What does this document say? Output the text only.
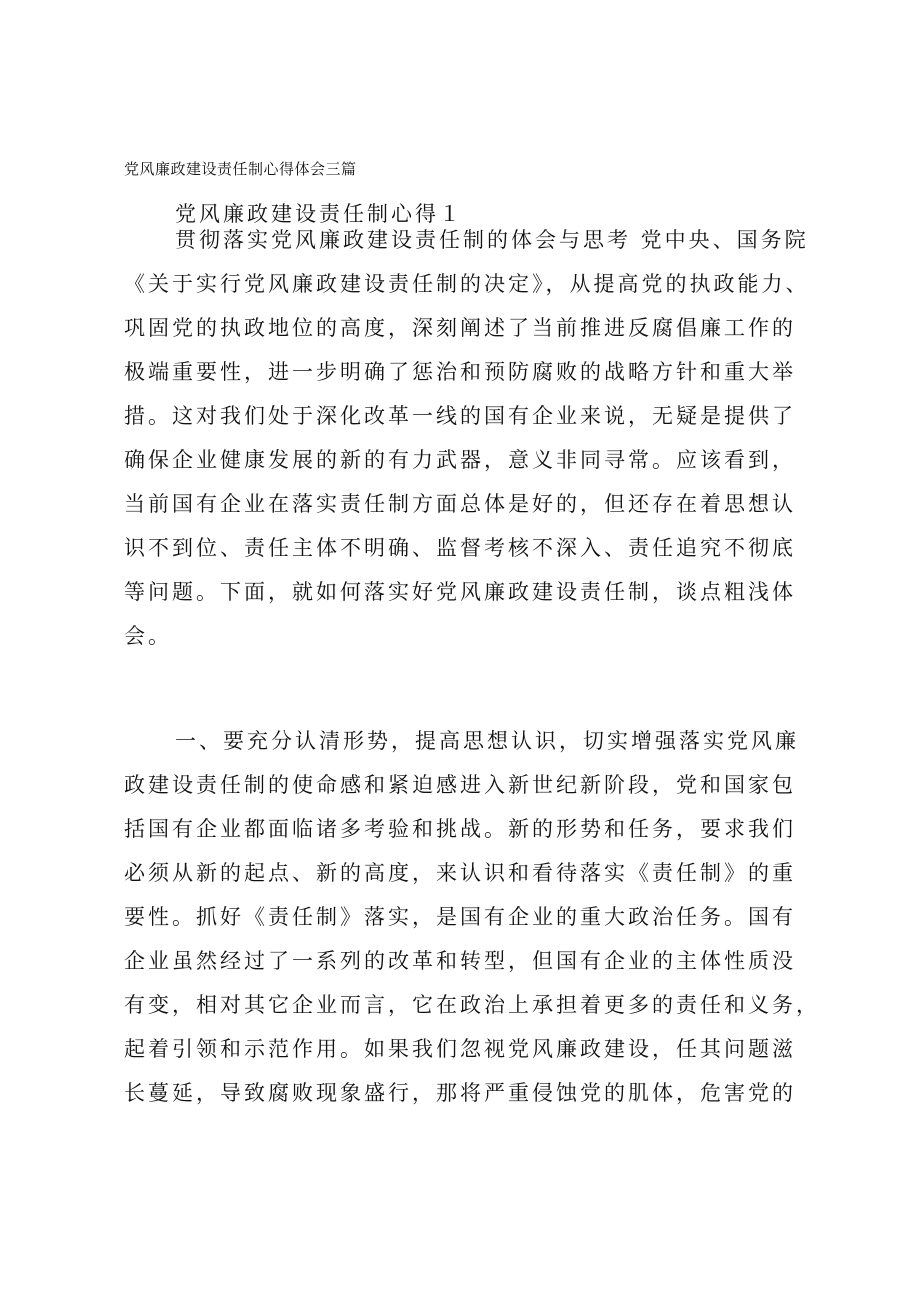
党风廉政建设责任制心得体会三篇
党风廉政建设责任制心得１
贯彻落实党风廉政建设责任制的体会与思考 党中央、国务院
《关于实行党风廉政建设责任制的决定》，从提高党的执政能力、
巩固党的执政地位的高度，深刻阐述了当前推进反腐倡廉工作的
极端重要性，进一步明确了惩治和预防腐败的战略方针和重大举
措。这对我们处于深化改革一线的国有企业来说，无疑是提供了
确保企业健康发展的新的有力武器，意义非同寻常。应该看到，
当前国有企业在落实责任制方面总体是好的，但还存在着思想认
识不到位、责任主体不明确、监督考核不深入、责任追究不彻底
等问题。下面，就如何落实好党风廉政建设责任制，谈点粗浅体
会。
一、要充分认清形势，提高思想认识，切实增强落实党风廉
政建设责任制的使命感和紧迫感进入新世纪新阶段，党和国家包
括国有企业都面临诸多考验和挑战。新的形势和任务，要求我们
必须从新的起点、新的高度，来认识和看待落实《责任制》的重
要性。抓好《责任制》落实，是国有企业的重大政治任务。国有
企业虽然经过了一系列的改革和转型，但国有企业的主体性质没
有变，相对其它企业而言，它在政治上承担着更多的责任和义务，
起着引领和示范作用。如果我们忽视党风廉政建设，任其问题滋
长蔓延，导致腐败现象盛行，那将严重侵蚀党的肌体，危害党的
